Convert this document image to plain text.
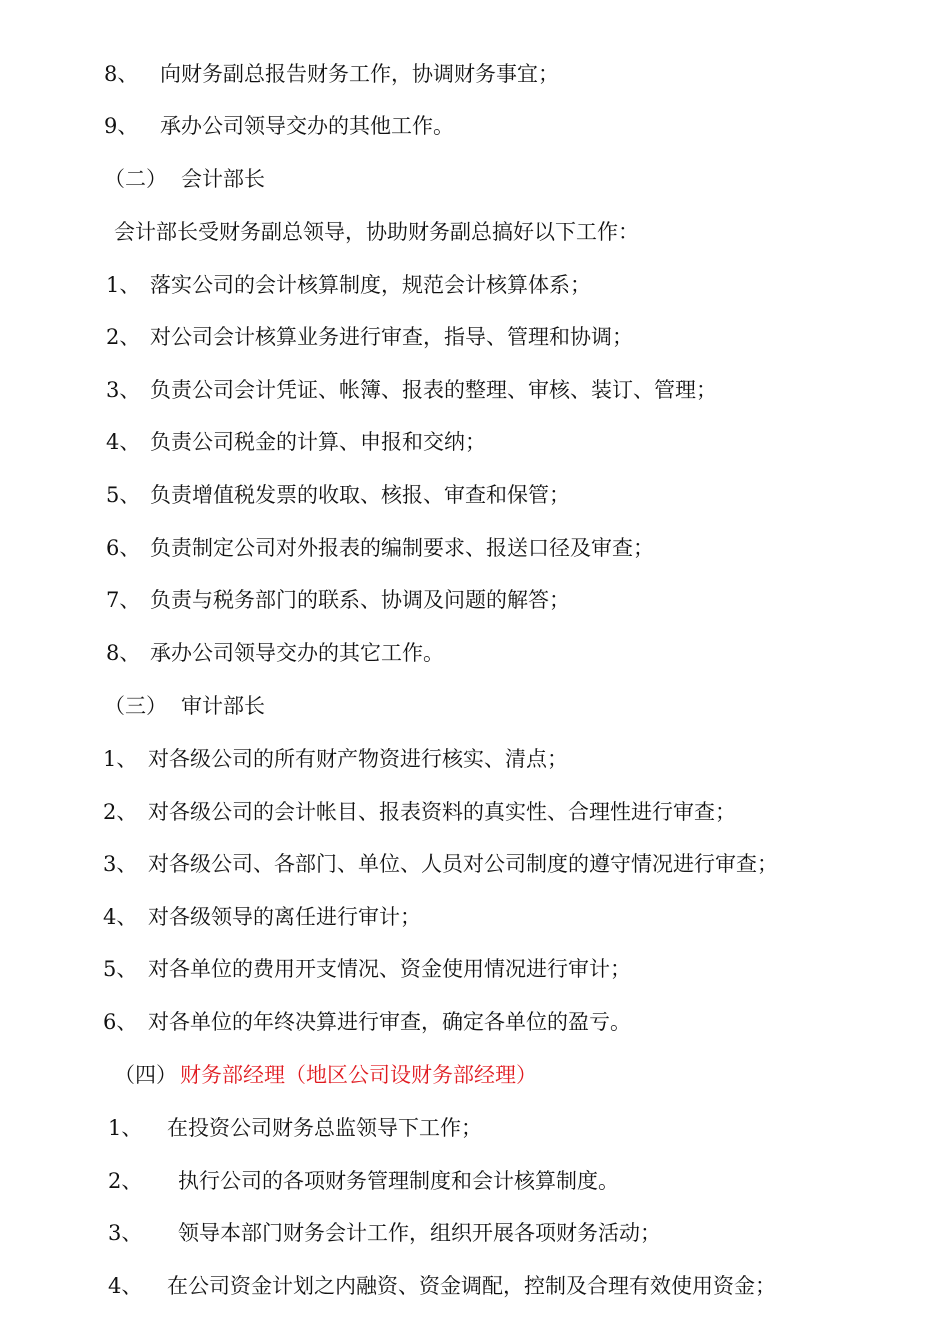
8、 向财务副总报告财务工作，协调财务事宜；
9、 承办公司领导交办的其他工作。
（二） 会计部长
会计部长受财务副总领导，协助财务副总搞好以下工作：
1、 落实公司的会计核算制度，规范会计核算体系；
2、 对公司会计核算业务进行审查，指导、管理和协调；
3、 负责公司会计凭证、帐簿、报表的整理、审核、装订、管理；
4、 负责公司税金的计算、申报和交纳；
5、 负责增值税发票的收取、核报、审查和保管；
6、 负责制定公司对外报表的编制要求、报送口径及审查；
7、 负责与税务部门的联系、协调及问题的解答；
8、 承办公司领导交办的其它工作。
（三） 审计部长
1、 对各级公司的所有财产物资进行核实、清点；
2、 对各级公司的会计帐目、报表资料的真实性、合理性进行审查；
3、 对各级公司、各部门、单位、人员对公司制度的遵守情况进行审查；
4、 对各级领导的离任进行审计；
5、 对各单位的费用开支情况、资金使用情况进行审计；
6、 对各单位的年终决算进行审查，确定各单位的盈亏。
（四） 财务部经理（地区公司设财务部经理）
1、 在投资公司财务总监领导下工作；
2、 执行公司的各项财务管理制度和会计核算制度。
3、 领导本部门财务会计工作，组织开展各项财务活动；
4、 在公司资金计划之内融资、资金调配，控制及合理有效使用资金；
